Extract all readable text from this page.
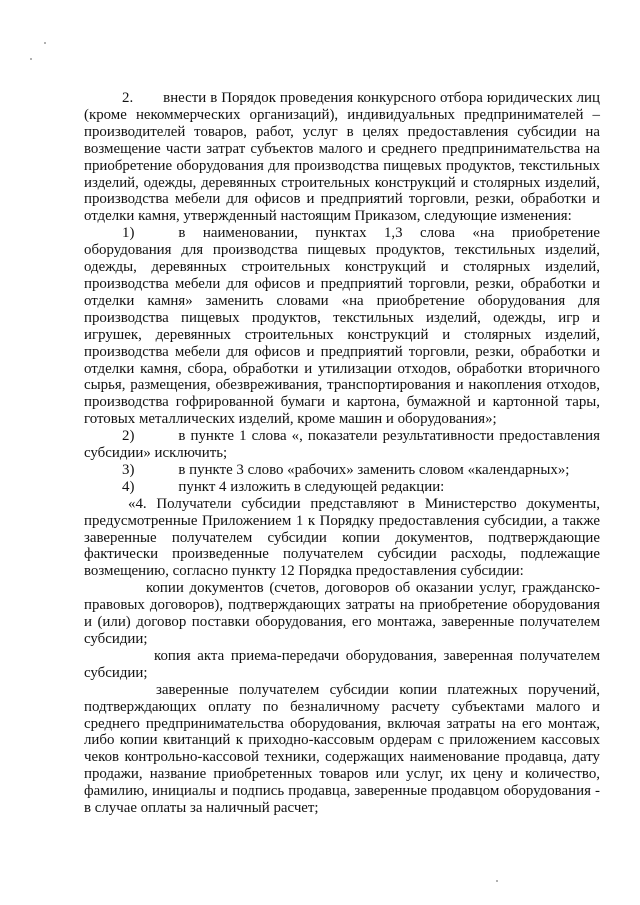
2. внести в Порядок проведения конкурсного отбора юридических лиц (кроме некоммерческих организаций), индивидуальных предпринимателей – производителей товаров, работ, услуг в целях предоставления субсидии на возмещение части затрат субъектов малого и среднего предпринимательства на приобретение оборудования для производства пищевых продуктов, текстильных изделий, одежды, деревянных строительных конструкций и столярных изделий, производства мебели для офисов и предприятий торговли, резки, обработки и отделки камня, утвержденный настоящим Приказом, следующие изменения:

1)	в наименовании, пунктах 1,3 слова «на приобретение оборудования для производства пищевых продуктов, текстильных изделий, одежды, деревянных строительных конструкций и столярных изделий, производства мебели для офисов и предприятий торговли, резки, обработки и отделки камня» заменить словами «на приобретение оборудования для производства пищевых продуктов, текстильных изделий, одежды, игр и игрушек, деревянных строительных конструкций и столярных изделий, производства мебели для офисов и предприятий торговли, резки, обработки и отделки камня, сбора, обработки и утилизации отходов, обработки вторичного сырья, размещения, обезвреживания, транспортирования и накопления отходов, производства гофрированной бумаги и картона, бумажной и картонной тары, готовых металлических изделий, кроме машин и оборудования»;

2)	в пункте 1 слова «, показатели результативности предоставления субсидии» исключить;

3)	в пункте 3 слово «рабочих» заменить словом «календарных»;

4)	пункт 4 изложить в следующей редакции:

«4. Получатели субсидии представляют в Министерство документы, предусмотренные Приложением 1 к Порядку предоставления субсидии, а также заверенные получателем субсидии копии документов, подтверждающие фактически произведенные получателем субсидии расходы, подлежащие возмещению, согласно пункту 12 Порядка предоставления субсидии:

копии документов (счетов, договоров об оказании услуг, гражданско-правовых договоров), подтверждающих затраты на приобретение оборудования и (или) договор поставки оборудования, его монтажа, заверенные получателем субсидии;

копия акта приема-передачи оборудования, заверенная получателем субсидии;

заверенные получателем субсидии копии платежных поручений, подтверждающих оплату по безналичному расчету субъектами малого и среднего предпринимательства оборудования, включая затраты на его монтаж, либо копии квитанций к приходно-кассовым ордерам с приложением кассовых чеков контрольно-кассовой техники, содержащих наименование продавца, дату продажи, название приобретенных товаров или услуг, их цену и количество, фамилию, инициалы и подпись продавца, заверенные продавцом оборудования - в случае оплаты за наличный расчет;
